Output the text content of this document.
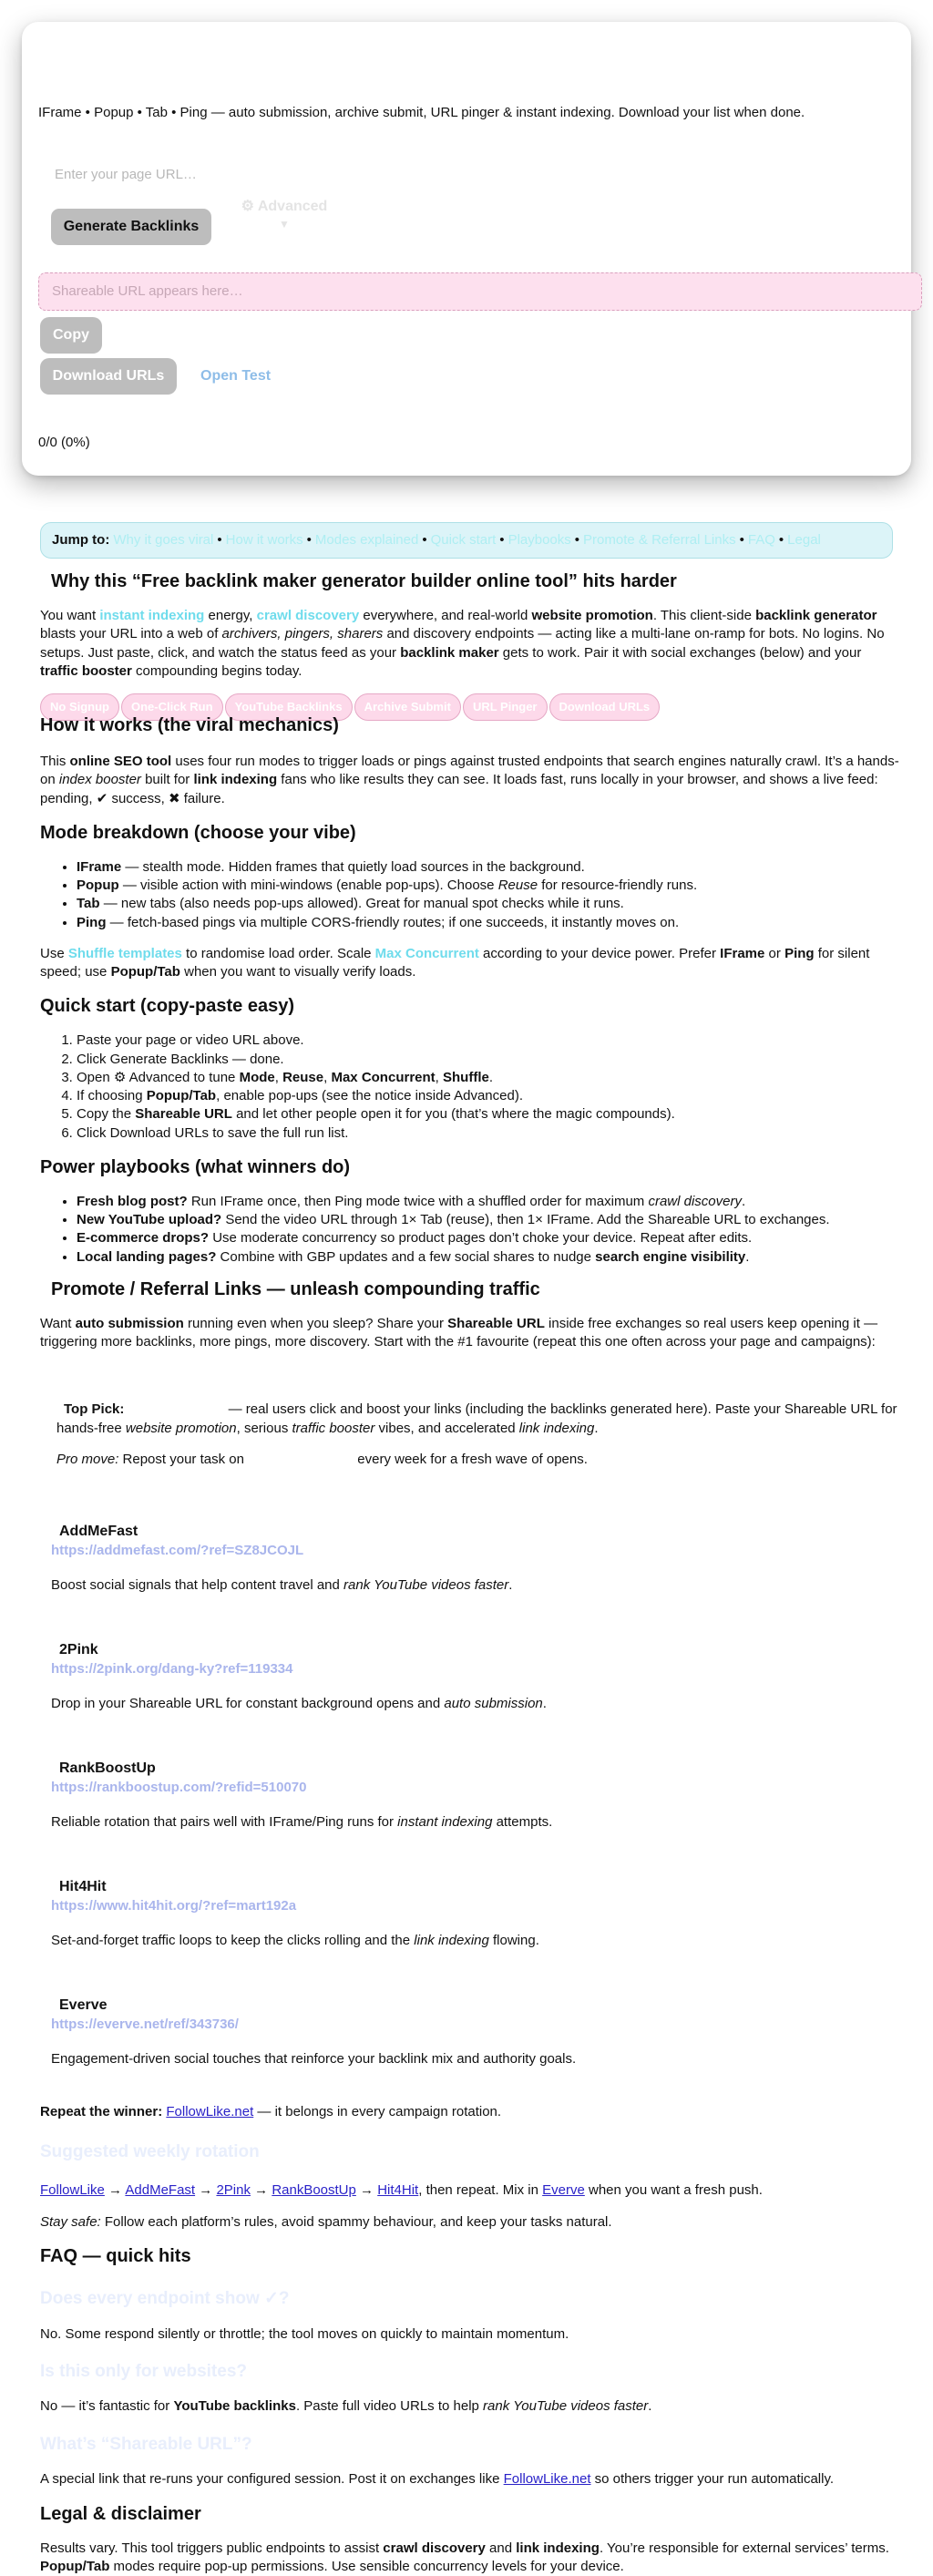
IFrame • Popup • Tab • Ping — auto submission, archive submit, URL pinger & instant indexing. Download your list when done.
Enter your page URL…
Generate Backlinks
⚙ Advanced
▼
Shareable URL appears here…
Copy
Download URLs	Open Test
0/0 (0%)
Jump to: Why it goes viral • How it works • Modes explained • Quick start • Playbooks • Promote & Referral Links • FAQ • Legal
Why this “Free backlink maker generator builder online tool” hits harder

You want instant indexing energy, crawl discovery everywhere, and real-world website promotion. This client-side backlink generator blasts your URL into a web of archivers, pingers, sharers and discovery endpoints — acting like a multi-lane on-ramp for bots. No logins. No setups. Just paste, click, and watch the status feed as your backlink maker gets to work. Pair it with social exchanges (below) and your traffic booster compounding begins today.

No Signup	One-Click Run	YouTube Backlinks	Archive Submit	URL Pinger	Download URLs
How it works (the viral mechanics)

This online SEO tool uses four run modes to trigger loads or pings against trusted endpoints that search engines naturally crawl. It’s a hands-on index booster built for link indexing fans who like results they can see. It loads fast, runs locally in your browser, and shows a live feed: pending, ✔ success, ✖ failure.

Mode breakdown (choose your vibe)
• IFrame — stealth mode. Hidden frames that quietly load sources in the background.
• Popup — visible action with mini-windows (enable pop-ups). Choose Reuse for resource-friendly runs.
• Tab — new tabs (also needs pop-ups allowed). Great for manual spot checks while it runs.
• Ping — fetch-based pings via multiple CORS-friendly routes; if one succeeds, it instantly moves on.

Use Shuffle templates to randomise load order. Scale Max Concurrent according to your device power. Prefer IFrame or Ping for silent speed; use Popup/Tab when you want to visually verify loads.

Quick start (copy-paste easy)
1. Paste your page or video URL above.
2. Click Generate Backlinks — done.
3. Open ⚙ Advanced to tune Mode, Reuse, Max Concurrent, Shuffle.
4. If choosing Popup/Tab, enable pop-ups (see the notice inside Advanced).
5. Copy the Shareable URL and let other people open it for you (that’s where the magic compounds).
6. Click Download URLs to save the full run list.
Power playbooks (what winners do)
• Fresh blog post? Run IFrame once, then Ping mode twice with a shuffled order for maximum crawl discovery.
• New YouTube upload? Send the video URL through 1× Tab (reuse), then 1× IFrame. Add the Shareable URL to exchanges.
• E-commerce drops? Use moderate concurrency so product pages don’t choke your device. Repeat after edits.
• Local landing pages? Combine with GBP updates and a few social shares to nudge search engine visibility.
Promote / Referral Links — unleash compounding traffic

Want auto submission running even when you sleep? Share your Shareable URL inside free exchanges so real users keep opening it — triggering more backlinks, more pings, more discovery. Start with the #1 favourite (repeat this one often across your page and campaigns):

Top Pick:	— real users click and boost your links (including the backlinks generated here). Paste your Shareable URL for hands-free website promotion, serious traffic booster vibes, and accelerated link indexing.

Pro move: Repost your task on	every week for a fresh wave of opens.

AddMeFast
https://addmefast.com/?ref=SZ8JCOJL

Boost social signals that help content travel and rank YouTube videos faster.

2Pink
https://2pink.org/dang-ky?ref=119334

Drop in your Shareable URL for constant background opens and auto submission.

RankBoostUp
https://rankboostup.com/?refid=510070

Reliable rotation that pairs well with IFrame/Ping runs for instant indexing attempts.

Hit4Hit
https://www.hit4hit.org/?ref=mart192a

Set-and-forget traffic loops to keep the clicks rolling and the link indexing flowing.

Everve
https://everve.net/ref/343736/

Engagement-driven social touches that reinforce your backlink mix and authority goals.

Repeat the winner: FollowLike.net — it belongs in every campaign rotation.

Suggested weekly rotation

FollowLike → AddMeFast → 2Pink → RankBoostUp → Hit4Hit, then repeat. Mix in Everve when you want a fresh push.

Stay safe: Follow each platform’s rules, avoid spammy behaviour, and keep your tasks natural.

FAQ — quick hits
Does every endpoint show ✓?

No. Some respond silently or throttle; the tool moves on quickly to maintain momentum.

Is this only for websites?

No — it’s fantastic for YouTube backlinks. Paste full video URLs to help rank YouTube videos faster.

What’s “Shareable URL”?

A special link that re-runs your configured session. Post it on exchanges like FollowLike.net so others trigger your run automatically.

Legal & disclaimer

Results vary. This tool triggers public endpoints to assist crawl discovery and link indexing. You’re responsible for external services’ terms. Popup/Tab modes require pop-up permissions. Use sensible concurrency levels for your device.
